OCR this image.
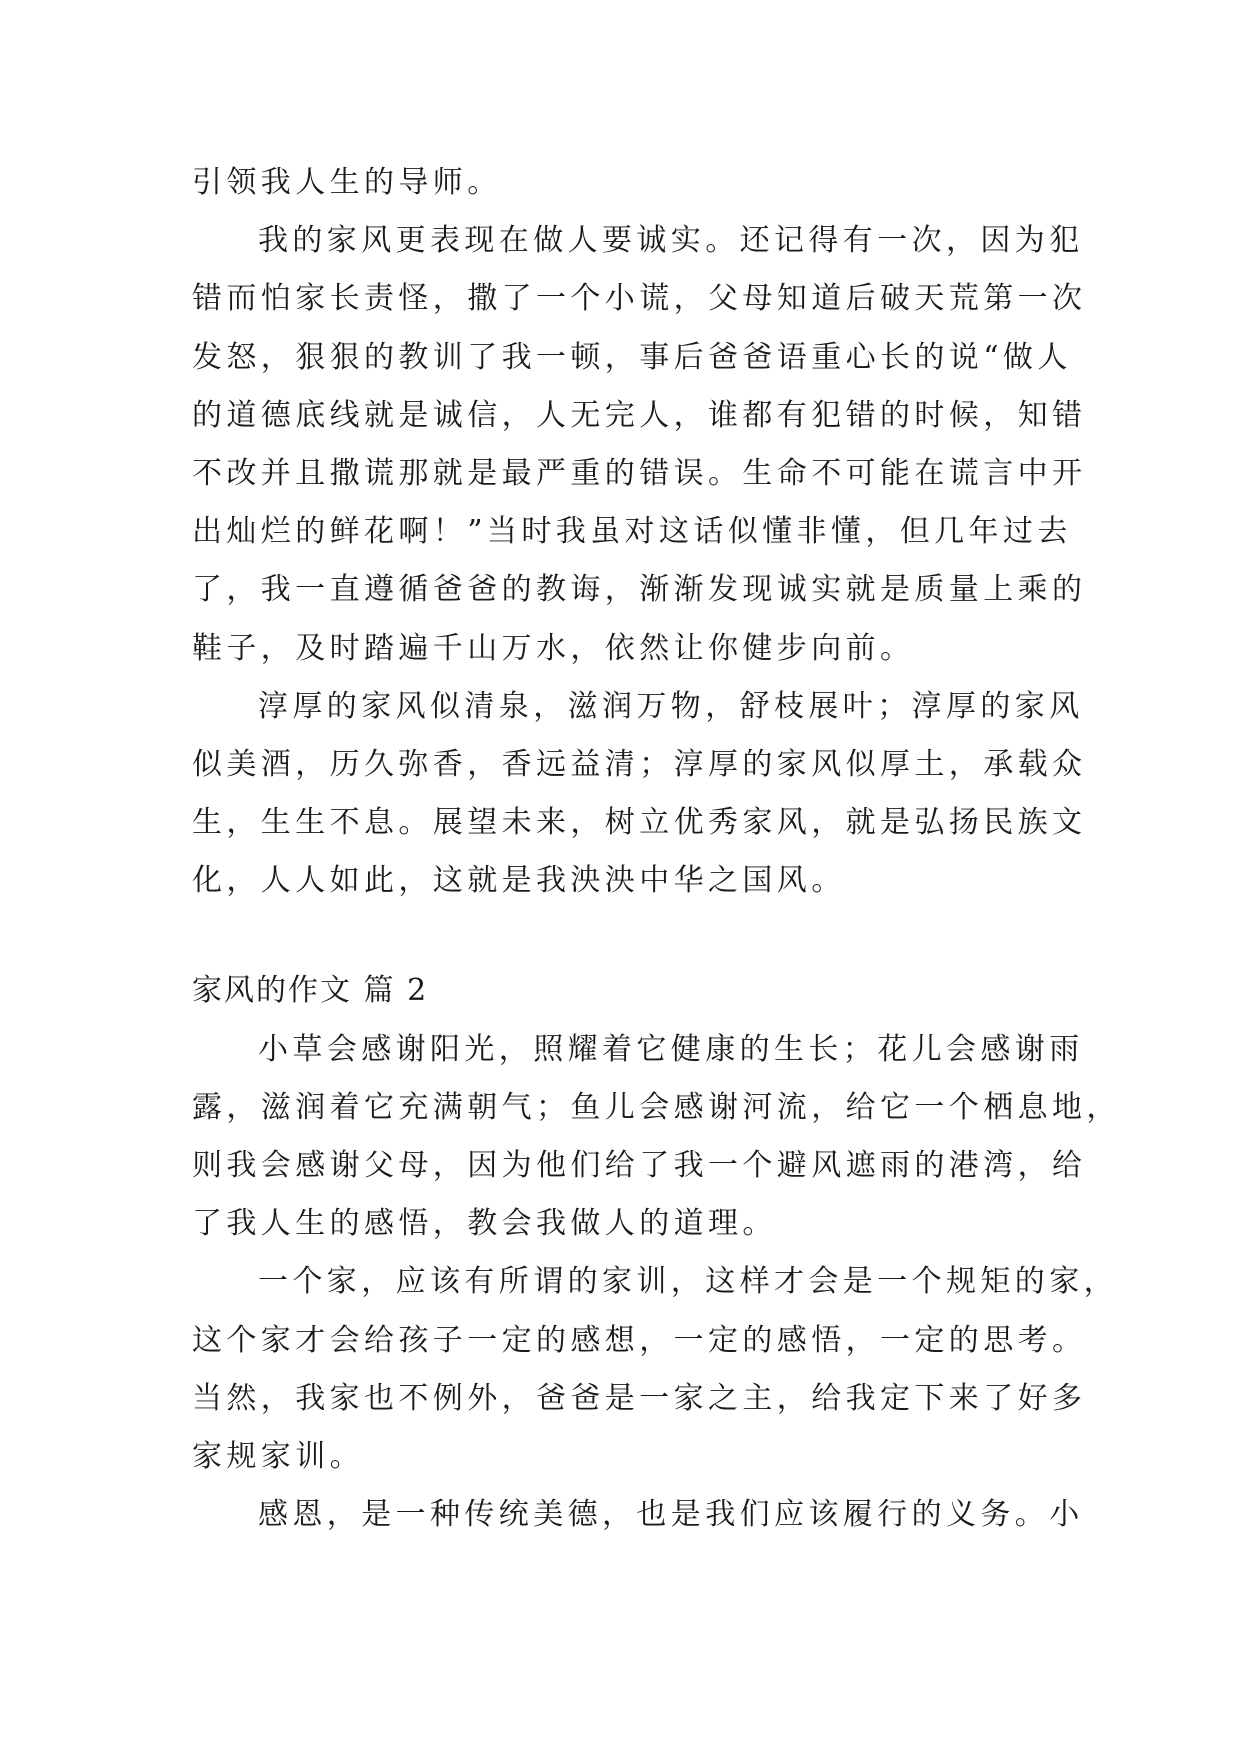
引领我人生的导师。
我的家风更表现在做人要诚实。还记得有一次，因为犯
错而怕家长责怪，撒了一个小谎，父母知道后破天荒第一次
发怒，狠狠的教训了我一顿，事后爸爸语重心长的说“做人
的道德底线就是诚信，人无完人，谁都有犯错的时候，知错
不改并且撒谎那就是最严重的错误。生命不可能在谎言中开
出灿烂的鲜花啊！”当时我虽对这话似懂非懂，但几年过去
了，我一直遵循爸爸的教诲，渐渐发现诚实就是质量上乘的
鞋子，及时踏遍千山万水，依然让你健步向前。
淳厚的家风似清泉，滋润万物，舒枝展叶；淳厚的家风
似美酒，历久弥香，香远益清；淳厚的家风似厚土，承载众
生，生生不息。展望未来，树立优秀家风，就是弘扬民族文
化，人人如此，这就是我泱泱中华之国风。
家风的作文 篇 2
小草会感谢阳光，照耀着它健康的生长；花儿会感谢雨
露，滋润着它充满朝气；鱼儿会感谢河流，给它一个栖息地，
则我会感谢父母，因为他们给了我一个避风遮雨的港湾，给
了我人生的感悟，教会我做人的道理。
一个家，应该有所谓的家训，这样才会是一个规矩的家，
这个家才会给孩子一定的感想，一定的感悟，一定的思考。
当然，我家也不例外，爸爸是一家之主，给我定下来了好多
家规家训。
感恩，是一种传统美德，也是我们应该履行的义务。小
